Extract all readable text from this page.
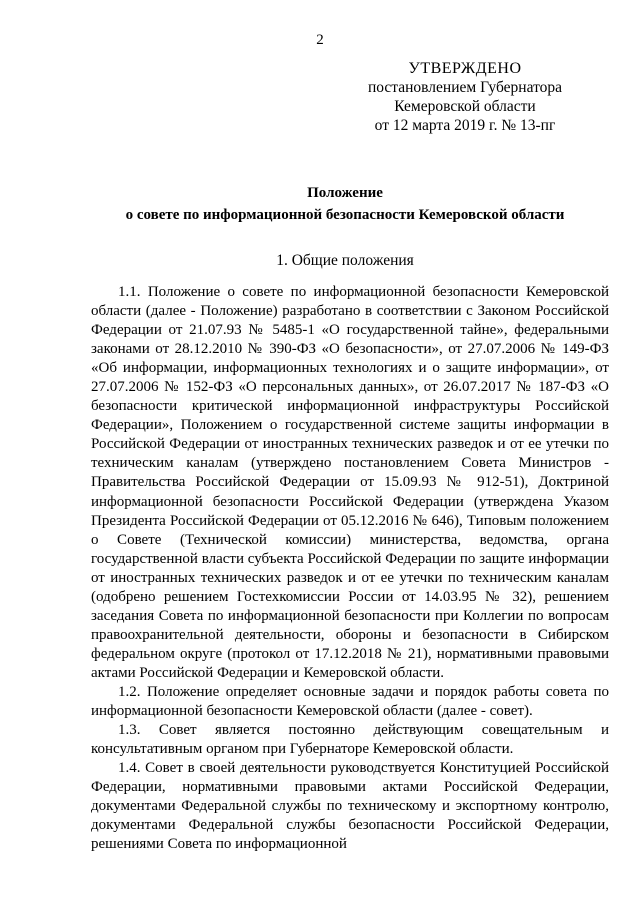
2
УТВЕРЖДЕНО
постановлением Губернатора
Кемеровской области
от 12 марта 2019 г. № 13-пг
Положение
о совете по информационной безопасности Кемеровской области
1. Общие положения

1.1. Положение о совете по информационной безопасности Кемеровской области (далее - Положение) разработано в соответствии с Законом Российской Федерации от 21.07.93 № 5485-1 «О государственной тайне», федеральными законами от 28.12.2010 № 390-ФЗ «О безопасности», от 27.07.2006 № 149-ФЗ «Об информации, информационных технологиях и о защите информации», от 27.07.2006 № 152-ФЗ «О персональных данных», от 26.07.2017 № 187-ФЗ «О безопасности критической информационной инфраструктуры Российской Федерации», Положением о государственной системе защиты информации в Российской Федерации от иностранных технических разведок и от ее утечки по техническим каналам (утверждено постановлением Совета Министров - Правительства Российской Федерации от 15.09.93 № 912-51), Доктриной информационной безопасности Российской Федерации (утверждена Указом Президента Российской Федерации от 05.12.2016 № 646), Типовым положением о Совете (Технической комиссии) министерства, ведомства, органа государственной власти субъекта Российской Федерации по защите информации от иностранных технических разведок и от ее утечки по техническим каналам (одобрено решением Гостехкомиссии России от 14.03.95 № 32), решением заседания Совета по информационной безопасности при Коллегии по вопросам правоохранительной деятельности, обороны и безопасности в Сибирском федеральном округе (протокол от 17.12.2018 № 21), нормативными правовыми актами Российской Федерации и Кемеровской области.

1.2. Положение определяет основные задачи и порядок работы совета по информационной безопасности Кемеровской области (далее - совет).

1.3. Совет является постоянно действующим совещательным и консультативным органом при Губернаторе Кемеровской области.

1.4. Совет в своей деятельности руководствуется Конституцией Российской Федерации, нормативными правовыми актами Российской Федерации, документами Федеральной службы по техническому и экспортному контролю, документами Федеральной службы безопасности Российской Федерации, решениями Совета по информационной
